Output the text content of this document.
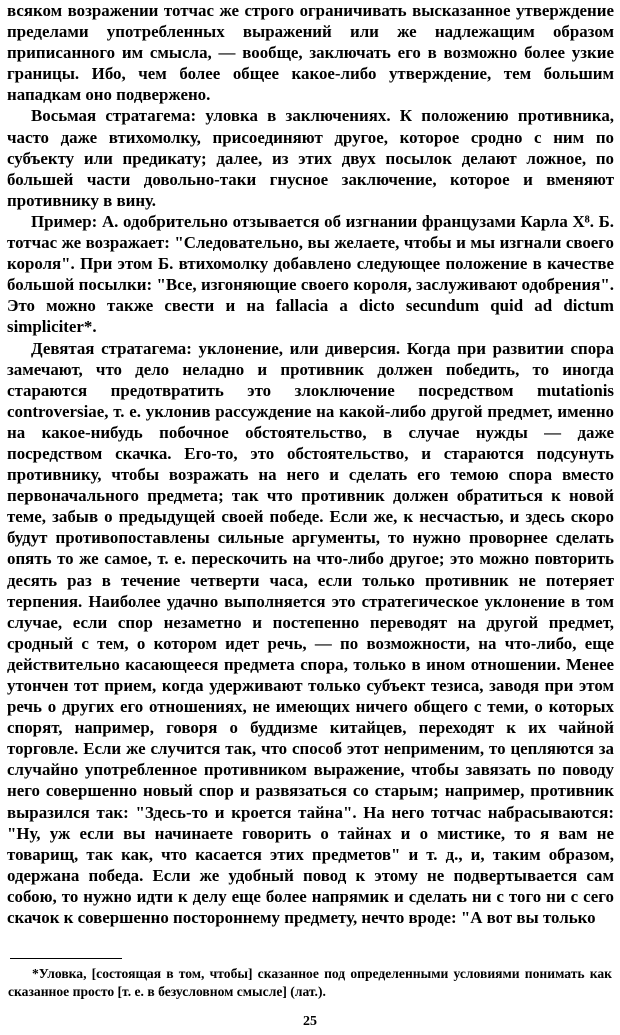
всяком возражении тотчас же строго ограничивать высказанное утверждение пределами употребленных выражений или же надлежащим образом приписанного им смысла, — вообще, заключать его в возможно более узкие границы. Ибо, чем более общее какое-либо утверждение, тем большим нападкам оно подвержено.

Восьмая стратагема: уловка в заключениях. К положению противника, часто даже втихомолку, присоединяют другое, которое сродно с ним по субъекту или предикату; далее, из этих двух посылок делают ложное, по большей части довольно-таки гнусное заключение, которое и вменяют противнику в вину.

Пример: А. одобрительно отзывается об изгнании французами Карла X⁸. Б. тотчас же возражает: "Следовательно, вы желаете, чтобы и мы изгнали своего короля". При этом Б. втихомолку добавлено следующее положение в качестве большой посылки: "Все, изгоняющие своего короля, заслуживают одобрения". Это можно также свести и на fallacia a dicto secundum quid ad dictum simpliciter*.

Девятая стратагема: уклонение, или диверсия. Когда при развитии спора замечают, что дело неладно и противник должен победить, то иногда стараются предотвратить это злоключение посредством mutationis controversiae, т. е. уклонив рассуждение на какой-либо другой предмет, именно на какое-нибудь побочное обстоятельство, в случае нужды — даже посредством скачка. Его-то, это обстоятельство, и стараются подсунуть противнику, чтобы возражать на него и сделать его темою спора вместо первоначального предмета; так что противник должен обратиться к новой теме, забыв о предыдущей своей победе. Если же, к несчастью, и здесь скоро будут противопоставлены сильные аргументы, то нужно проворнее сделать опять то же самое, т. е. перескочить на что-либо другое; это можно повторить десять раз в течение четверти часа, если только противник не потеряет терпения. Наиболее удачно выполняется это стратегическое уклонение в том случае, если спор незаметно и постепенно переводят на другой предмет, сродный с тем, о котором идет речь, — по возможности, на что-либо, еще действительно касающееся предмета спора, только в ином отношении. Менее утончен тот прием, когда удерживают только субъект тезиса, заводя при этом речь о других его отношениях, не имеющих ничего общего с теми, о которых спорят, например, говоря о буддизме китайцев, переходят к их чайной торговле. Если же случится так, что способ этот неприменим, то цепляются за случайно употребленное противником выражение, чтобы завязать по поводу него совершенно новый спор и развязаться со старым; например, противник выразился так: "Здесь-то и кроется тайна". На него тотчас набрасываются: "Ну, уж если вы начинаете говорить о тайнах и о мистике, то я вам не товарищ, так как, что касается этих предметов" и т. д., и, таким образом, одержана победа. Если же удобный повод к этому не подвертывается сам собою, то нужно идти к делу еще более напрямик и сделать ни с того ни с сего скачок к совершенно постороннему предмету, нечто вроде: "А вот вы только

*Уловка, [состоящая в том, чтобы] сказанное под определенными условиями понимать как сказанное просто [т. е. в безусловном смысле] (лат.).
25
